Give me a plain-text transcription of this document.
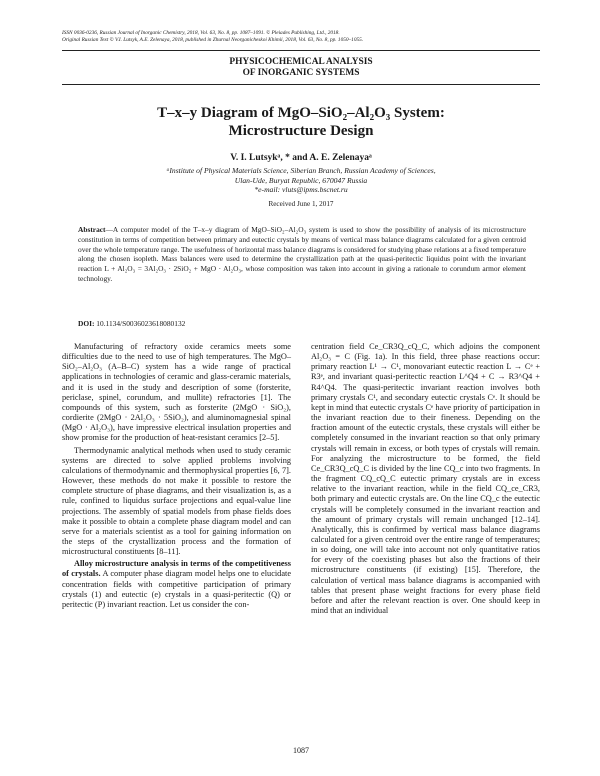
ISSN 0036-0236, Russian Journal of Inorganic Chemistry, 2018, Vol. 63, No. 8, pp. 1087–1091. © Pleiades Publishing, Ltd., 2018.
Original Russian Text © V.I. Lutsyk, A.E. Zelenaya, 2018, published in Zhurnal Neorganicheskoi Khimii, 2018, Vol. 63, No. 8, pp. 1050–1055.
PHYSICOCHEMICAL ANALYSIS
OF INORGANIC SYSTEMS
T–x–y Diagram of MgO–SiO₂–Al₂O₃ System:
Microstructure Design
V. I. Lutsykᵃ, * and A. E. Zelenayaᵃ
ᵃInstitute of Physical Materials Science, Siberian Branch, Russian Academy of Sciences,
Ulan-Ude, Buryat Republic, 670047 Russia
*e-mail: vluts@ipms.bscnet.ru
Received June 1, 2017
Abstract—A computer model of the T–x–y diagram of MgO–SiO₂–Al₂O₃ system is used to show the possibility of analysis of its microstructure constitution in terms of competition between primary and eutectic crystals by means of vertical mass balance diagrams calculated for a given centroid over the whole temperature range. The usefulness of horizontal mass balance diagrams is considered for studying phase relations at a fixed temperature along the chosen isopleth. Mass balances were used to determine the crystallization path at the quasi-peritectic liquidus point with the invariant reaction L + Al₂O₃ = 3Al₂O₃ · 2SiO₂ + MgO · Al₂O₃, whose composition was taken into account in giving a rationale to corundum armor element technology.
DOI: 10.1134/S0036023618080132

Manufacturing of refractory oxide ceramics meets some difficulties due to the need to use of high temperatures. The MgO–SiO₂–Al₂O₃ (A–B–C) system has a wide range of practical applications in technologies of ceramic and glass-ceramic materials, and it is used in the study and description of some (forsterite, periclase, spinel, corundum, and mullite) refractories [1]. The compounds of this system, such as forsterite (2MgO · SiO₂), cordierite (2MgO · 2Al₂O₃ · 5SiO₂), and aluminomagnesial spinal (MgO · Al₂O₃), have impressive electrical insulation properties and show promise for the production of heat-resistant ceramics [2–5].

Thermodynamic analytical methods when used to study ceramic systems are directed to solve applied problems involving calculations of thermodynamic and thermophysical properties [6, 7]. However, these methods do not make it possible to restore the complete structure of phase diagrams, and their visualization is, as a rule, confined to liquidus surface projections and equal-value line projections. The assembly of spatial models from phase fields does make it possible to obtain a complete phase diagram model and can serve for a materials scientist as a tool for gaining information on the steps of the crystallization process and the formation of microstructural constituents [8–11].

Alloy microstructure analysis in terms of the competitiveness of crystals. A computer phase diagram model helps one to elucidate concentration fields with competitive participation of primary crystals (1) and eutectic (e) crystals in a quasi-peritectic (Q) or peritectic (P) invariant reaction. Let us consider the con-

centration field Ce_CR3Q_cQ_C, which adjoins the component Al₂O₃ = C (Fig. 1a). In this field, three phase reactions occur: primary reaction L¹ → C¹, monovariant eutectic reaction L → Cᵉ + R3ᵉ, and invariant quasi-peritectic reaction L^Q4 + C → R3^Q4 + R4^Q4. The quasi-peritectic invariant reaction involves both primary crystals C¹, and secondary eutectic crystals Cᵉ. It should be kept in mind that eutectic crystals Cᵉ have priority of participation in the invariant reaction due to their fineness. Depending on the fraction amount of the eutectic crystals, these crystals will either be completely consumed in the invariant reaction so that only primary crystals will remain in excess, or both types of crystals will remain. For analyzing the microstructure to be formed, the field Ce_CR3Q_cQ_C is divided by the line CQ_c into two fragments. In the fragment CQ_cQ_C eutectic primary crystals are in excess relative to the invariant reaction, while in the field CQ_ce_CR3, both primary and eutectic crystals are. On the line CQ_c the eutectic crystals will be completely consumed in the invariant reaction and the amount of primary crystals will remain unchanged [12–14]. Analytically, this is confirmed by vertical mass balance diagrams calculated for a given centroid over the entire range of temperatures; in so doing, one will take into account not only quantitative ratios for every of the coexisting phases but also the fractions of their microstructure constituents (if existing) [15]. Therefore, the calculation of vertical mass balance diagrams is accompanied with tables that present phase weight fractions for every phase field before and after the relevant reaction is over. One should keep in mind that an individual

1087
